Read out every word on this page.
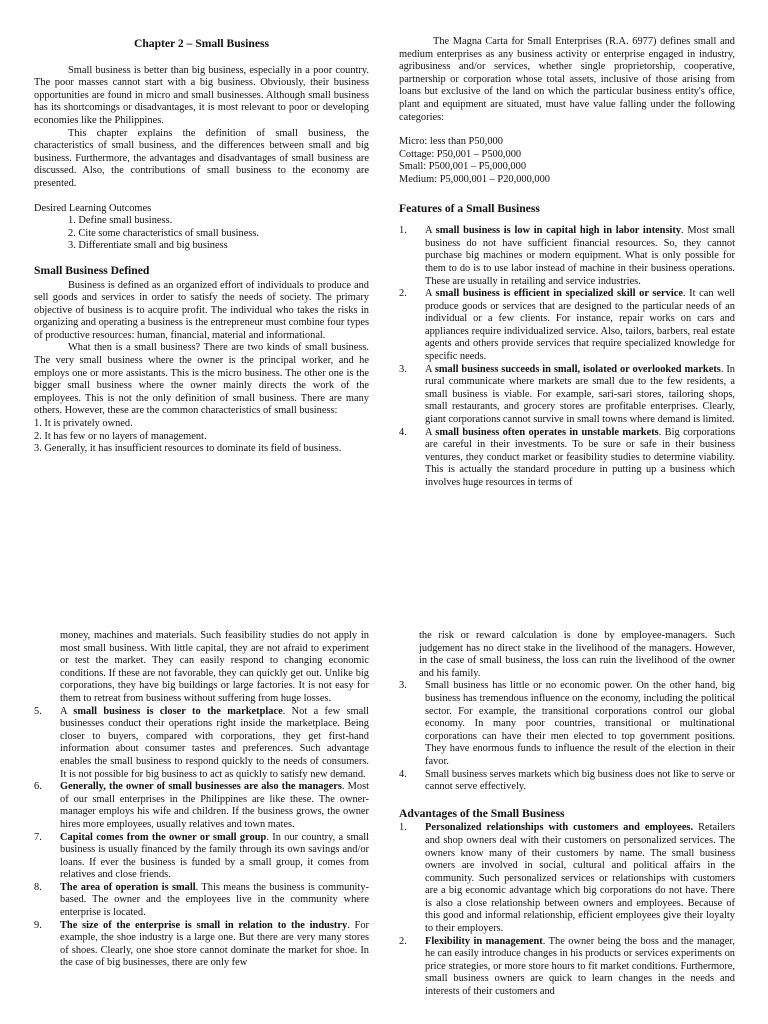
Chapter 2 – Small Business

Small business is better than big business, especially in a poor country. The poor masses cannot start with a big business. Obviously, their business opportunities are found in micro and small businesses. Although small business has its shortcomings or disadvantages, it is most relevant to poor or developing economies like the Philippines.

This chapter explains the definition of small business, the characteristics of small business, and the differences between small and big business. Furthermore, the advantages and disadvantages of small business are discussed. Also, the contributions of small business to the economy are presented.

Desired Learning Outcomes
1. Define small business.
2. Cite some characteristics of small business.
3. Differentiate small and big business
Small Business Defined

Business is defined as an organized effort of individuals to produce and sell goods and services in order to satisfy the needs of society. The primary objective of business is to acquire profit. The individual who takes the risks in organizing and operating a business is the entrepreneur must combine four types of productive resources: human, financial, material and informational.

What then is a small business? There are two kinds of small business. The very small business where the owner is the principal worker, and he employs one or more assistants. This is the micro business. The other one is the bigger small business where the owner mainly directs the work of the employees. This is not the only definition of small business. There are many others. However, these are the common characteristics of small business:

1. It is privately owned.
2. It has few or no layers of management.

3. Generally, it has insufficient resources to dominate its field of business.

The Magna Carta for Small Enterprises (R.A. 6977) defines small and medium enterprises as any business activity or enterprise engaged in industry, agribusiness and/or services, whether single proprietorship, cooperative, partnership or corporation whose total assets, inclusive of those arising from loans but exclusive of the land on which the particular business entity's office, plant and equipment are situated, must have value falling under the following categories:

Micro: less than P50,000
Cottage: P50,001 – P500,000
Small: P500,001 – P5,000,000
Medium: P5,000,001 – P20,000,000
Features of a Small Business
1.	A small business is low in capital high in labor intensity. Most small business do not have sufficient financial resources. So, they cannot purchase big machines or modern equipment. What is only possible for them to do is to use labor instead of machine in their business operations. These are usually in retailing and service industries.
2.	A small business is efficient in specialized skill or service. It can well produce goods or services that are designed to the particular needs of an individual or a few clients. For instance, repair works on cars and appliances require individualized service. Also, tailors, barbers, real estate agents and others provide services that require specialized knowledge for specific needs.
3.	A small business succeeds in small, isolated or overlooked markets. In rural communicate where markets are small due to the few residents, a small business is viable. For example, sari-sari stores, tailoring shops, small restaurants, and grocery stores are profitable enterprises. Clearly, giant corporations cannot survive in small towns where demand is limited.
4.	A small business often operates in unstable markets. Big corporations are careful in their investments. To be sure or safe in their business ventures, they conduct market or feasibility studies to determine viability. This is actually the standard procedure in putting up a business which involves huge resources in terms of

money, machines and materials. Such feasibility studies do not apply in most small business. With little capital, they are not afraid to experiment or test the market. They can easily respond to changing economic conditions. If these are not favorable, they can quickly get out. Unlike big corporations, they have big buildings or large factories. It is not easy for them to retreat from business without suffering from huge losses.

5.	A small business is closer to the marketplace. Not a few small businesses conduct their operations right inside the marketplace. Being closer to buyers, compared with corporations, they get first-hand information about consumer tastes and preferences. Such advantage enables the small business to respond quickly to the needs of consumers. It is not possible for big business to act as quickly to satisfy new demand.
6.	Generally, the owner of small businesses are also the managers. Most of our small enterprises in the Philippines are like these. The owner-manager employs his wife and children. If the business grows, the owner hires more employees, usually relatives and town mates.
7.	Capital comes from the owner or small group. In our country, a small business is usually financed by the family through its own savings and/or loans. If ever the business is funded by a small group, it comes from relatives and close friends.
8.	The area of operation is small. This means the business is community-based. The owner and the employees live in the community where enterprise is located.
9.	The size of the enterprise is small in relation to the industry. For example, the shoe industry is a large one. But there are very many stores of shoes. Clearly, one shoe store cannot dominate the market for shoe. In the case of big businesses, there are only few

the risk or reward calculation is done by employee-managers. Such judgement has no direct stake in the livelihood of the managers. However, in the case of small business, the loss can ruin the livelihood of the owner and his family.

3.	Small business has little or no economic power. On the other hand, big business has tremendous influence on the economy, including the political sector. For example, the transitional corporations control our global economy. In many poor countries, transitional or multinational corporations can have their men elected to top government positions. They have enormous funds to influence the result of the election in their favor.
4.	Small business serves markets which big business does not like to serve or cannot serve effectively.
Advantages of the Small Business
1.	Personalized relationships with customers and employees. Retailers and shop owners deal with their customers on personalized services. The owners know many of their customers by name. The small business owners are involved in social, cultural and political affairs in the community. Such personalized services or relationships with customers are a big economic advantage which big corporations do not have. There is also a close relationship between owners and employees. Because of this good and informal relationship, efficient employees give their loyalty to their employers.
2.	Flexibility in management. The owner being the boss and the manager, he can easily introduce changes in his products or services experiments on price strategies, or more store hours to fit market conditions. Furthermore, small business owners are quick to learn changes in the needs and interests of their customers and
